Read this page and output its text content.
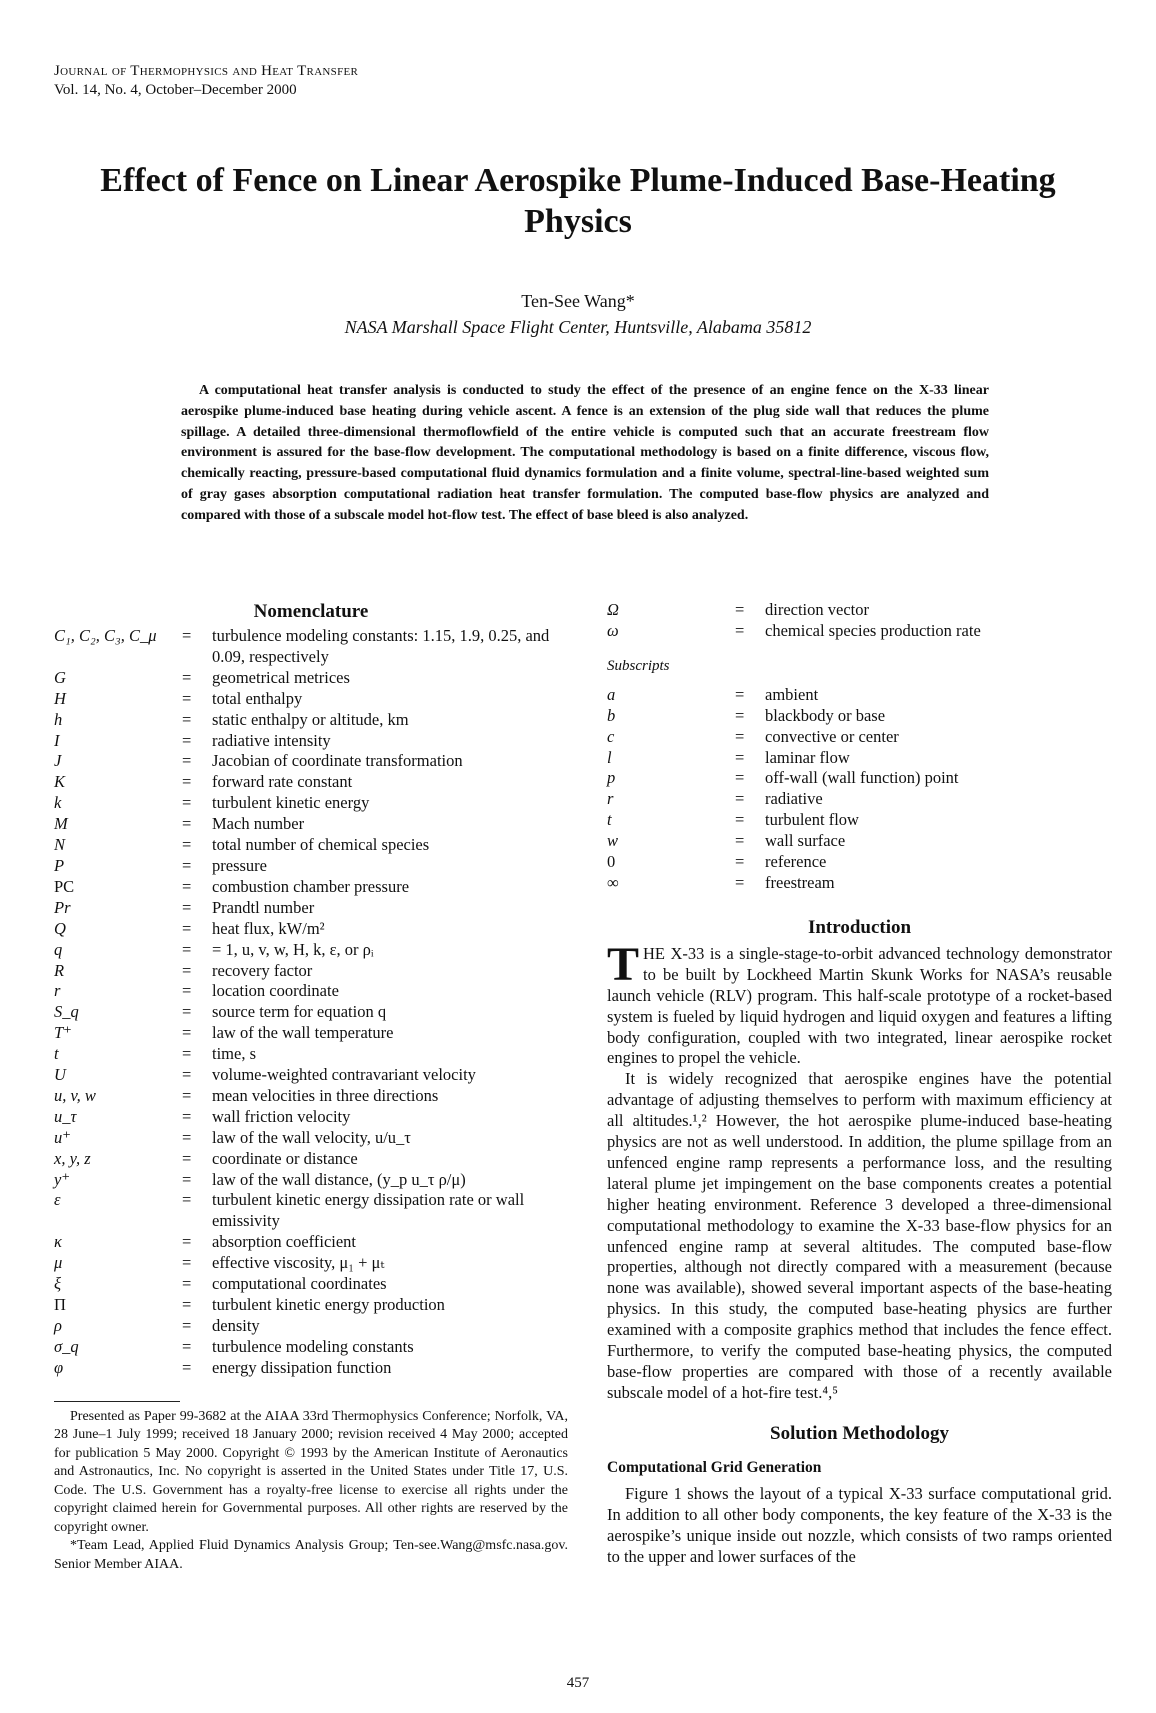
Journal of Thermophysics and Heat Transfer
Vol. 14, No. 4, October–December 2000
Effect of Fence on Linear Aerospike Plume-Induced Base-Heating Physics
Ten-See Wang*
NASA Marshall Space Flight Center, Huntsville, Alabama 35812
A computational heat transfer analysis is conducted to study the effect of the presence of an engine fence on the X-33 linear aerospike plume-induced base heating during vehicle ascent. A fence is an extension of the plug side wall that reduces the plume spillage. A detailed three-dimensional thermoflowfield of the entire vehicle is computed such that an accurate freestream flow environment is assured for the base-flow development. The computational methodology is based on a finite difference, viscous flow, chemically reacting, pressure-based computational fluid dynamics formulation and a finite volume, spectral-line-based weighted sum of gray gases absorption computational radiation heat transfer formulation. The computed base-flow physics are analyzed and compared with those of a subscale model hot-flow test. The effect of base bleed is also analyzed.
Nomenclature
C₁, C₂, C₃, C_μ	=	turbulence modeling constants: 1.15, 1.9, 0.25, and 0.09, respectively
G	=	geometrical metrices
H	=	total enthalpy
h	=	static enthalpy or altitude, km
I	=	radiative intensity
J	=	Jacobian of coordinate transformation
K	=	forward rate constant
k	=	turbulent kinetic energy
M	=	Mach number
N	=	total number of chemical species
P	=	pressure
PC	=	combustion chamber pressure
Pr	=	Prandtl number
Q	=	heat flux, kW/m²
q	=	= 1, u, v, w, H, k, ε, or ρᵢ
R	=	recovery factor
r	=	location coordinate
S_q	=	source term for equation q
T⁺	=	law of the wall temperature
t	=	time, s
U	=	volume-weighted contravariant velocity
u, v, w	=	mean velocities in three directions
u_τ	=	wall friction velocity
u⁺	=	law of the wall velocity, u/u_τ
x, y, z	=	coordinate or distance
y⁺	=	law of the wall distance, (y_p u_τ ρ/μ)
ε	=	turbulent kinetic energy dissipation rate or wall emissivity
κ	=	absorption coefficient
μ	=	effective viscosity, μ₁ + μₜ
ξ	=	computational coordinates
Π	=	turbulent kinetic energy production
ρ	=	density
σ_q	=	turbulence modeling constants
φ	=	energy dissipation function
Presented as Paper 99-3682 at the AIAA 33rd Thermophysics Conference; Norfolk, VA, 28 June–1 July 1999; received 18 January 2000; revision received 4 May 2000; accepted for publication 5 May 2000. Copyright © 1993 by the American Institute of Aeronautics and Astronautics, Inc. No copyright is asserted in the United States under Title 17, U.S. Code. The U.S. Government has a royalty-free license to exercise all rights under the copyright claimed herein for Governmental purposes. All other rights are reserved by the copyright owner.
*Team Lead, Applied Fluid Dynamics Analysis Group; Ten-see.Wang@msfc.nasa.gov. Senior Member AIAA.
Ω	=	direction vector
ω	=	chemical species production rate
Subscripts
a	=	ambient
b	=	blackbody or base
c	=	convective or center
l	=	laminar flow
p	=	off-wall (wall function) point
r	=	radiative
t	=	turbulent flow
w	=	wall surface
0	=	reference
∞	=	freestream
Introduction

THE X-33 is a single-stage-to-orbit advanced technology demonstrator to be built by Lockheed Martin Skunk Works for NASA’s reusable launch vehicle (RLV) program. This half-scale prototype of a rocket-based system is fueled by liquid hydrogen and liquid oxygen and features a lifting body configuration, coupled with two integrated, linear aerospike rocket engines to propel the vehicle.

It is widely recognized that aerospike engines have the potential advantage of adjusting themselves to perform with maximum efficiency at all altitudes.¹,² However, the hot aerospike plume-induced base-heating physics are not as well understood. In addition, the plume spillage from an unfenced engine ramp represents a performance loss, and the resulting lateral plume jet impingement on the base components creates a potential higher heating environment. Reference 3 developed a three-dimensional computational methodology to examine the X-33 base-flow physics for an unfenced engine ramp at several altitudes. The computed base-flow properties, although not directly compared with a measurement (because none was available), showed several important aspects of the base-heating physics. In this study, the computed base-heating physics are further examined with a composite graphics method that includes the fence effect. Furthermore, to verify the computed base-heating physics, the computed base-flow properties are compared with those of a recently available subscale model of a hot-fire test.⁴,⁵

Solution Methodology
Computational Grid Generation

Figure 1 shows the layout of a typical X-33 surface computational grid. In addition to all other body components, the key feature of the X-33 is the aerospike’s unique inside out nozzle, which consists of two ramps oriented to the upper and lower surfaces of the

457
